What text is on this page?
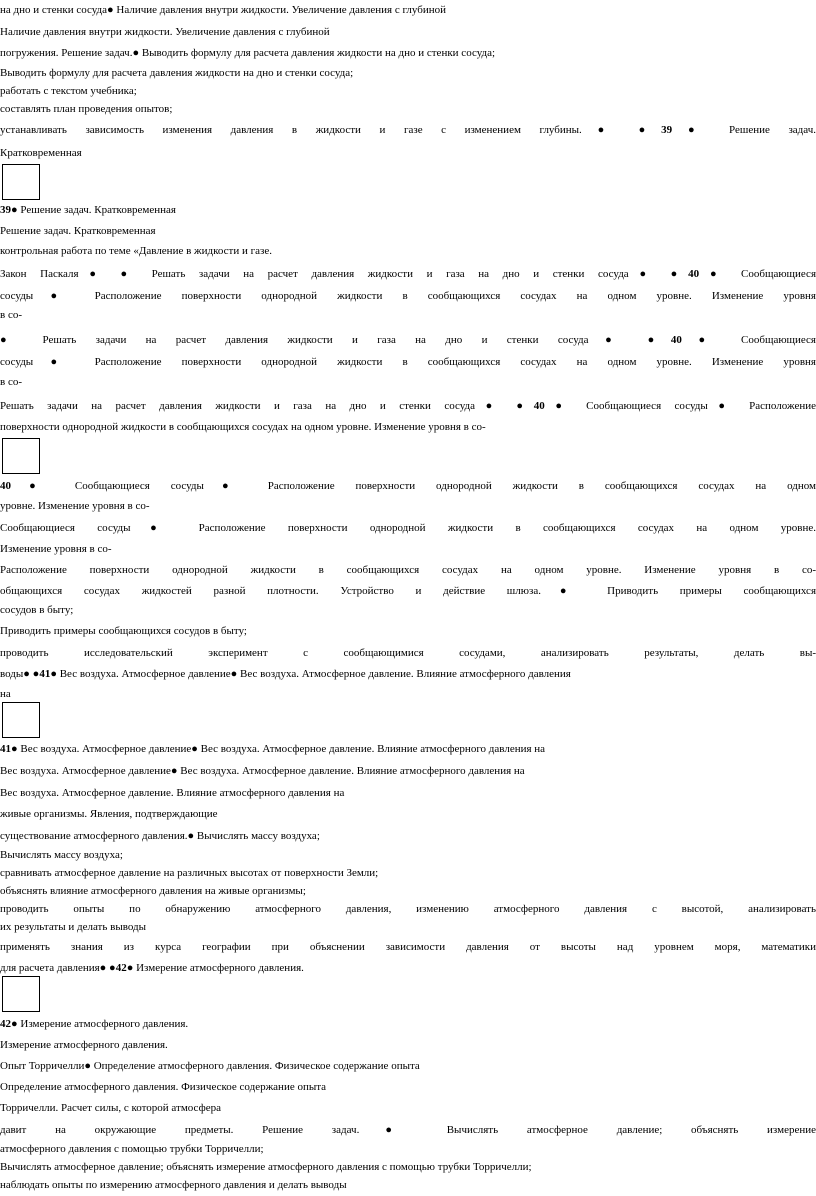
на дно и стенки сосуда● Наличие давления внутри жидкости. Увеличение давления с глубиной
Наличие давления внутри жидкости. Увеличение давления с глубиной
погружения. Решение задач.● Выводить формулу для расчета давления жидкости на дно и стенки сосуда;
Выводить формулу для расчета давления жидкости на дно и стенки сосуда;
работать с текстом учебника;
составлять план проведения опытов;
устанавливать зависимость изменения давления в жидкости и газе с изменением глубины.● ●39● Решение задач.
Кратковременная
39● Решение задач. Кратковременная
Решение задач. Кратковременная
контрольная работа по теме «Давление в жидкости и газе.
Закон Паскаля● ● Решать задачи на расчет давления жидкости и газа на дно и стенки сосуда● ●40● Сообщающиеся
сосуды● Расположение поверхности однородной жидкости в сообщающихся сосудах на одном уровне. Изменение уровня
в со-
● Решать задачи на расчет давления жидкости и газа на дно и стенки сосуда● ●40● Сообщающиеся
сосуды● Расположение поверхности однородной жидкости в сообщающихся сосудах на одном уровне. Изменение уровня
в со-
Решать задачи на расчет давления жидкости и газа на дно и стенки сосуда● ●40● Сообщающиеся сосуды● Расположение
поверхности однородной жидкости в сообщающихся сосудах на одном уровне. Изменение уровня в со-
40● Сообщающиеся сосуды● Расположение поверхности однородной жидкости в сообщающихся сосудах на одном
уровне. Изменение уровня в со-
Сообщающиеся сосуды● Расположение поверхности однородной жидкости в сообщающихся сосудах на одном уровне.
Изменение уровня в со-
Расположение поверхности однородной жидкости в сообщающихся сосудах на одном уровне. Изменение уровня в со-
общающихся сосудах жидкостей разной плотности. Устройство и действие шлюза.● Приводить примеры сообщающихся
сосудов в быту;
Приводить примеры сообщающихся сосудов в быту;
проводить исследовательский эксперимент с сообщающимися сосудами, анализировать результаты, делать вы-
воды● ●41● Вес воздуха. Атмосферное давление● Вес воздуха. Атмосферное давление. Влияние атмосферного давления
на
41● Вес воздуха. Атмосферное давление● Вес воздуха. Атмосферное давление. Влияние атмосферного давления на
Вес воздуха. Атмосферное давление● Вес воздуха. Атмосферное давление. Влияние атмосферного давления на
Вес воздуха. Атмосферное давление. Влияние атмосферного давления на
живые организмы. Явления, подтверждающие
существование атмосферного давления.● Вычислять массу воздуха;
Вычислять массу воздуха;
сравнивать атмосферное давление на различных высотах от поверхности Земли;
объяснять влияние атмосферного давления на живые организмы;
проводить опыты по обнаружению атмосферного давления, изменению атмосферного давления с высотой, анализировать
их результаты и делать выводы
применять знания из курса географии при объяснении зависимости давления от высоты над уровнем моря, математики
для расчета давления● ●42● Измерение атмосферного давления.
42● Измерение атмосферного давления.
Измерение атмосферного давления.
Опыт Торричелли● Определение атмосферного давления. Физическое содержание опыта
Определение атмосферного давления. Физическое содержание опыта
Торричелли. Расчет силы, с которой атмосфера
давит на окружающие предметы. Решение задач.● Вычислять атмосферное давление; объяснять измерение
атмосферного давления с помощью трубки Торричелли;
Вычислять атмосферное давление; объяснять измерение атмосферного давления с помощью трубки Торричелли;
наблюдать опыты по измерению атмосферного давления и делать выводы
